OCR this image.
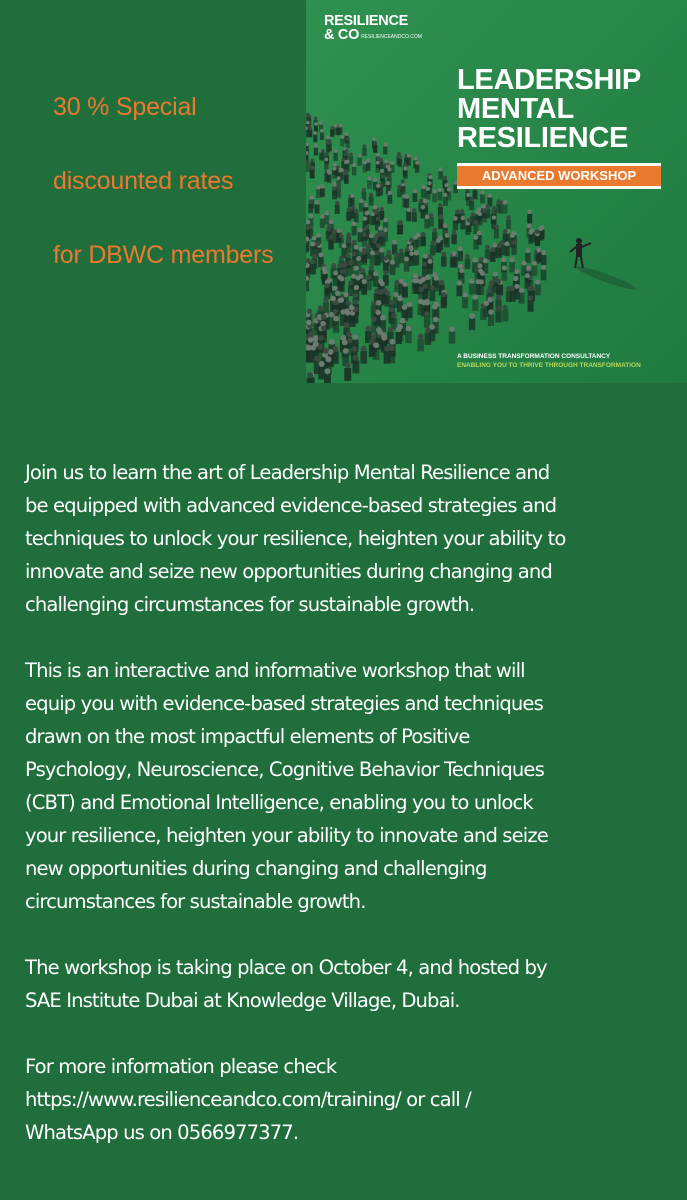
30 % Special
discounted rates
for DBWC members
RESILIENCE
& CO RESILIENCEANDCO.COM
LEADERSHIP
MENTAL
RESILIENCE
ADVANCED WORKSHOP
A BUSINESS TRANSFORMATION CONSULTANCY
ENABLING YOU TO THRIVE THROUGH TRANSFORMATION

Join us to learn the art of Leadership Mental Resilience and
be equipped with advanced evidence-based strategies and
techniques to unlock your resilience, heighten your ability to
innovate and seize new opportunities during changing and
challenging circumstances for sustainable growth.

This is an interactive and informative workshop that will
equip you with evidence-based strategies and techniques
drawn on the most impactful elements of Positive
Psychology, Neuroscience, Cognitive Behavior Techniques
(CBT) and Emotional Intelligence, enabling you to unlock
your resilience, heighten your ability to innovate and seize
new opportunities during changing and challenging
circumstances for sustainable growth.

The workshop is taking place on October 4, and hosted by
SAE Institute Dubai at Knowledge Village, Dubai.

For more information please check
https://www.resilienceandco.com/training/ or call /
WhatsApp us on 0566977377.
